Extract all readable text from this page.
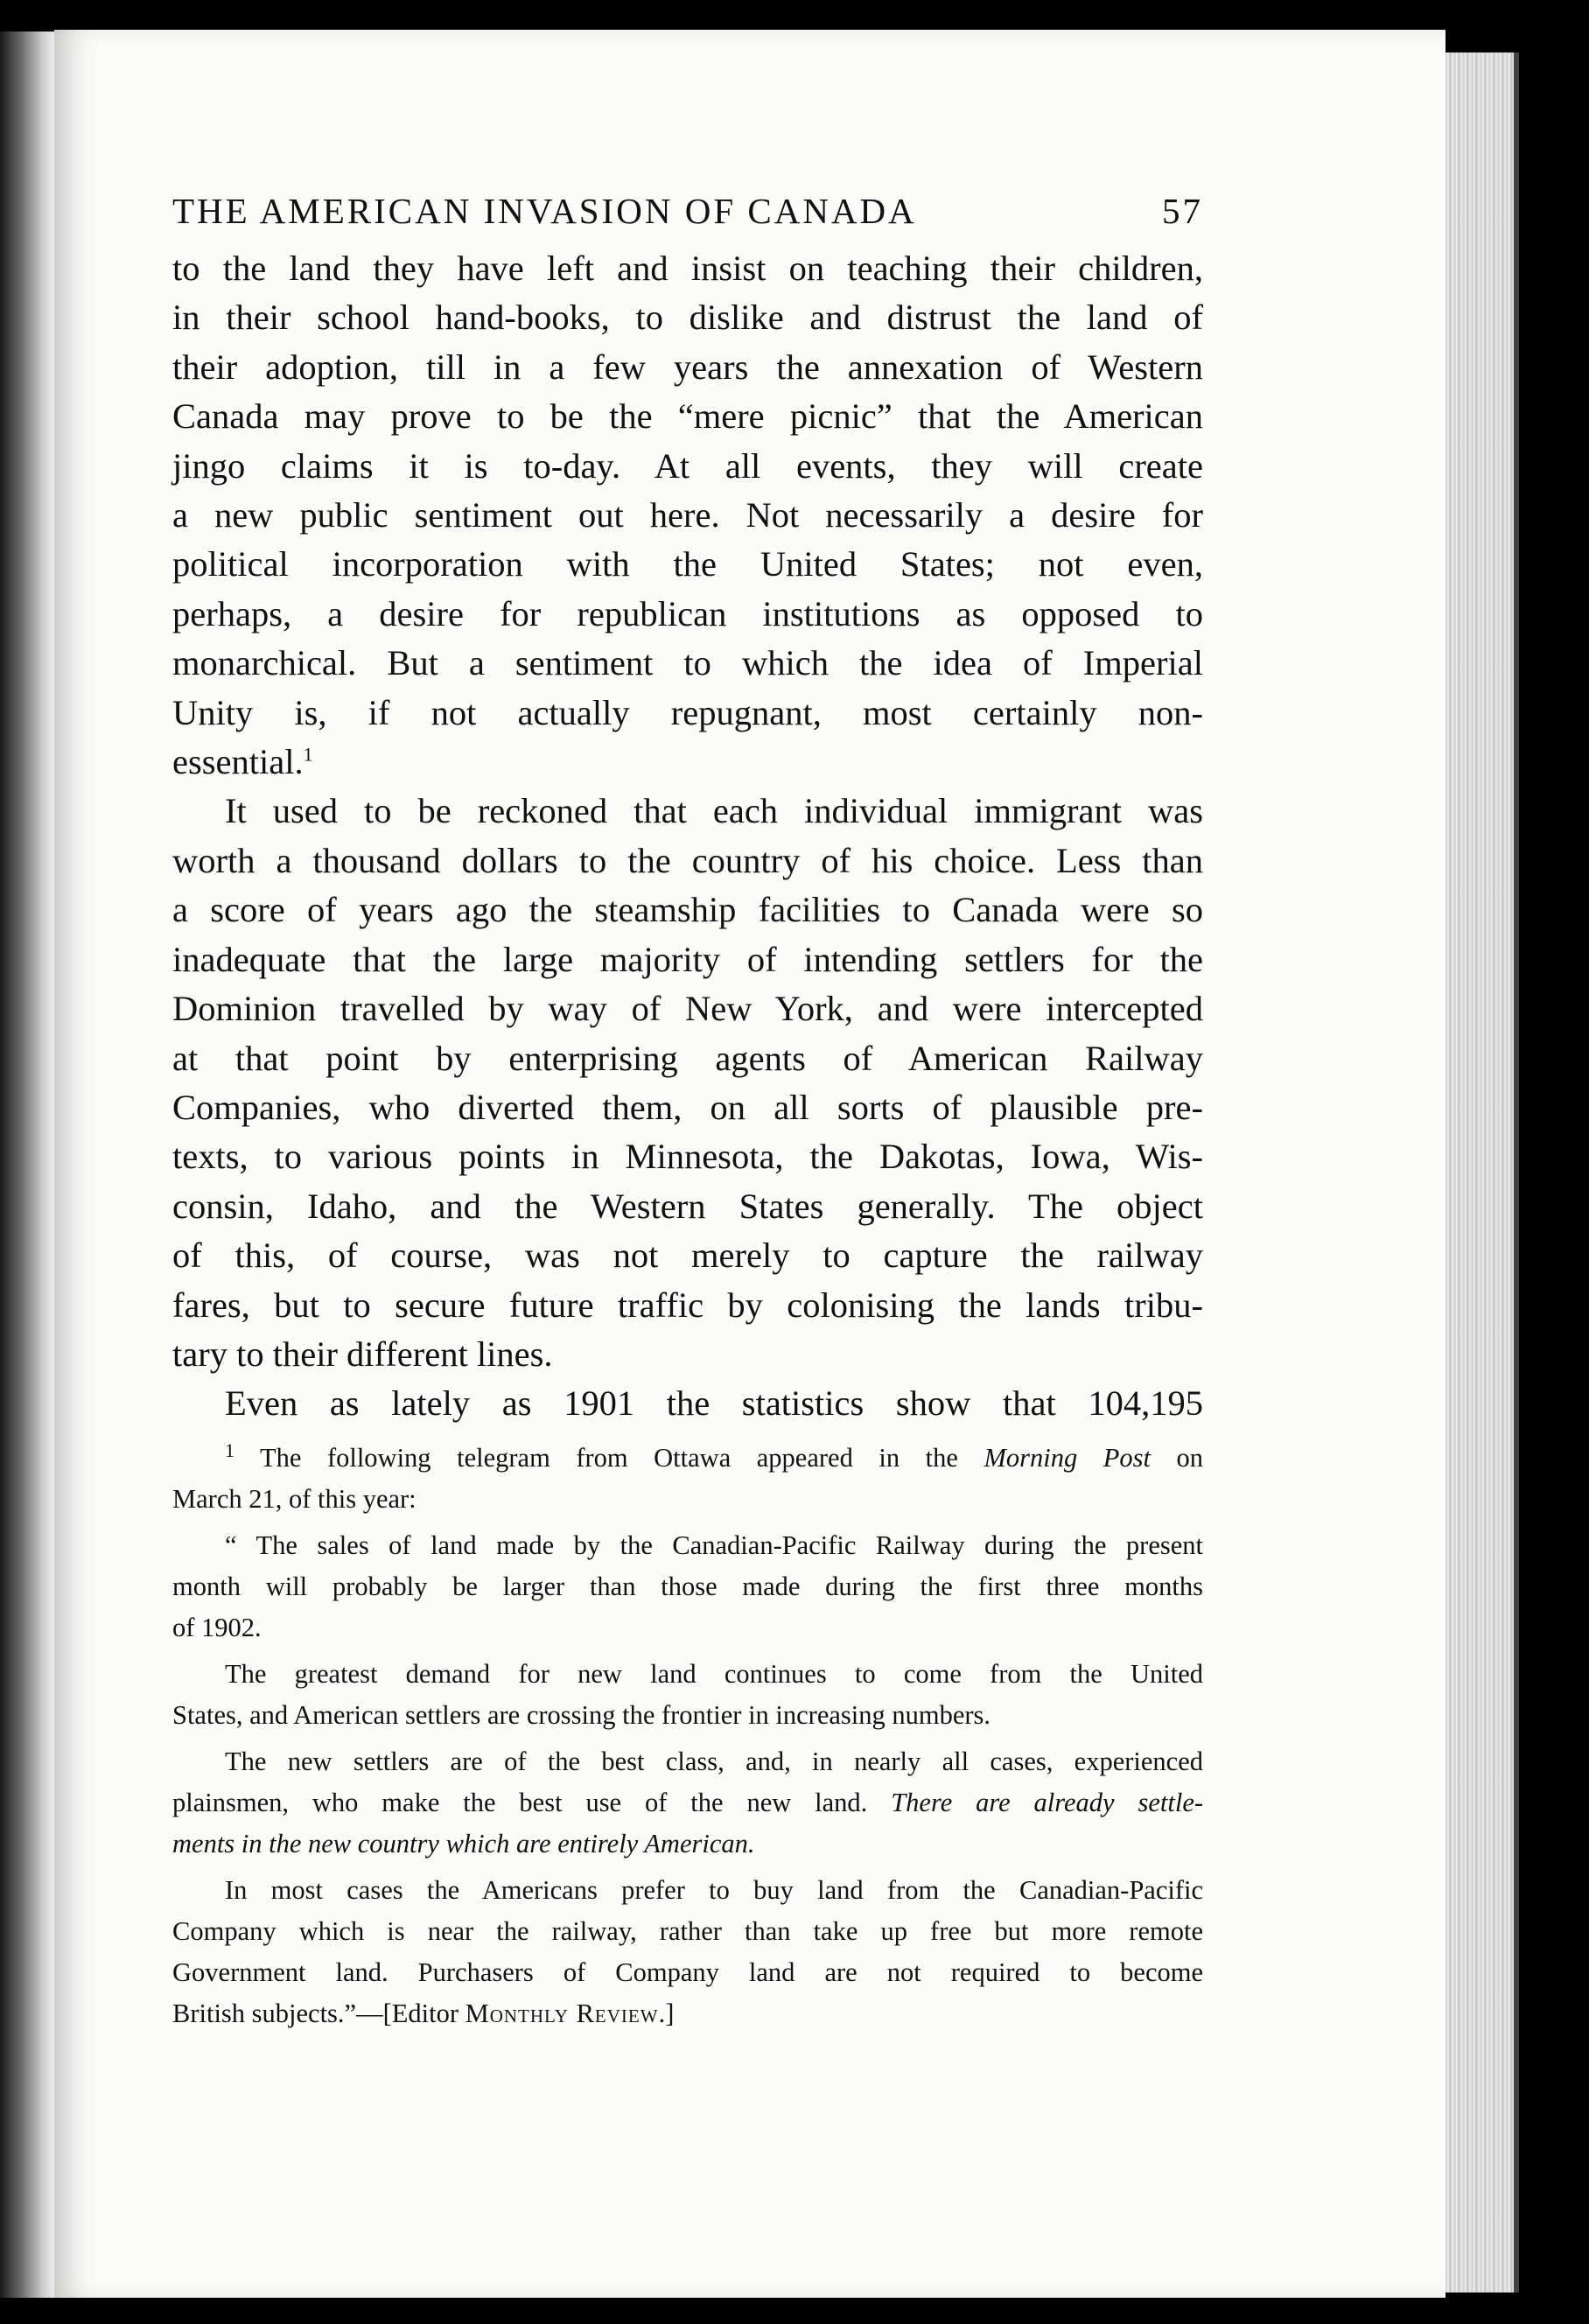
THE AMERICAN INVASION OF CANADA	57
to the land they have left and insist on teaching their children,
in their school hand-books, to dislike and distrust the land of
their adoption, till in a few years the annexation of Western
Canada may prove to be the “mere picnic” that the American
jingo claims it is to-day. At all events, they will create
a new public sentiment out here. Not necessarily a desire for
political incorporation with the United States; not even,
perhaps, a desire for republican institutions as opposed to
monarchical. But a sentiment to which the idea of Imperial
Unity is, if not actually repugnant, most certainly non-
essential.$^1$
It used to be reckoned that each individual immigrant was
worth a thousand dollars to the country of his choice. Less than
a score of years ago the steamship facilities to Canada were so
inadequate that the large majority of intending settlers for the
Dominion travelled by way of New York, and were intercepted
at that point by enterprising agents of American Railway
Companies, who diverted them, on all sorts of plausible pre-
texts, to various points in Minnesota, the Dakotas, Iowa, Wis-
consin, Idaho, and the Western States generally. The object
of this, of course, was not merely to capture the railway
fares, but to secure future traffic by colonising the lands tribu-
tary to their different lines.
Even as lately as 1901 the statistics show that 104,195

$^1$ The following telegram from Ottawa appeared in the Morning Post on

March 21, of this year:

“ The sales of land made by the Canadian-Pacific Railway during the present
month will probably be larger than those made during the first three months
of 1902.
The greatest demand for new land continues to come from the United
States, and American settlers are crossing the frontier in increasing numbers.
The new settlers are of the best class, and, in nearly all cases, experienced
plainsmen, who make the best use of the new land. There are already settle-
ments in the new country which are entirely American.
In most cases the Americans prefer to buy land from the Canadian-Pacific
Company which is near the railway, rather than take up free but more remote
Government land. Purchasers of Company land are not required to become
British subjects.”—[Editor Monthly Review.]
